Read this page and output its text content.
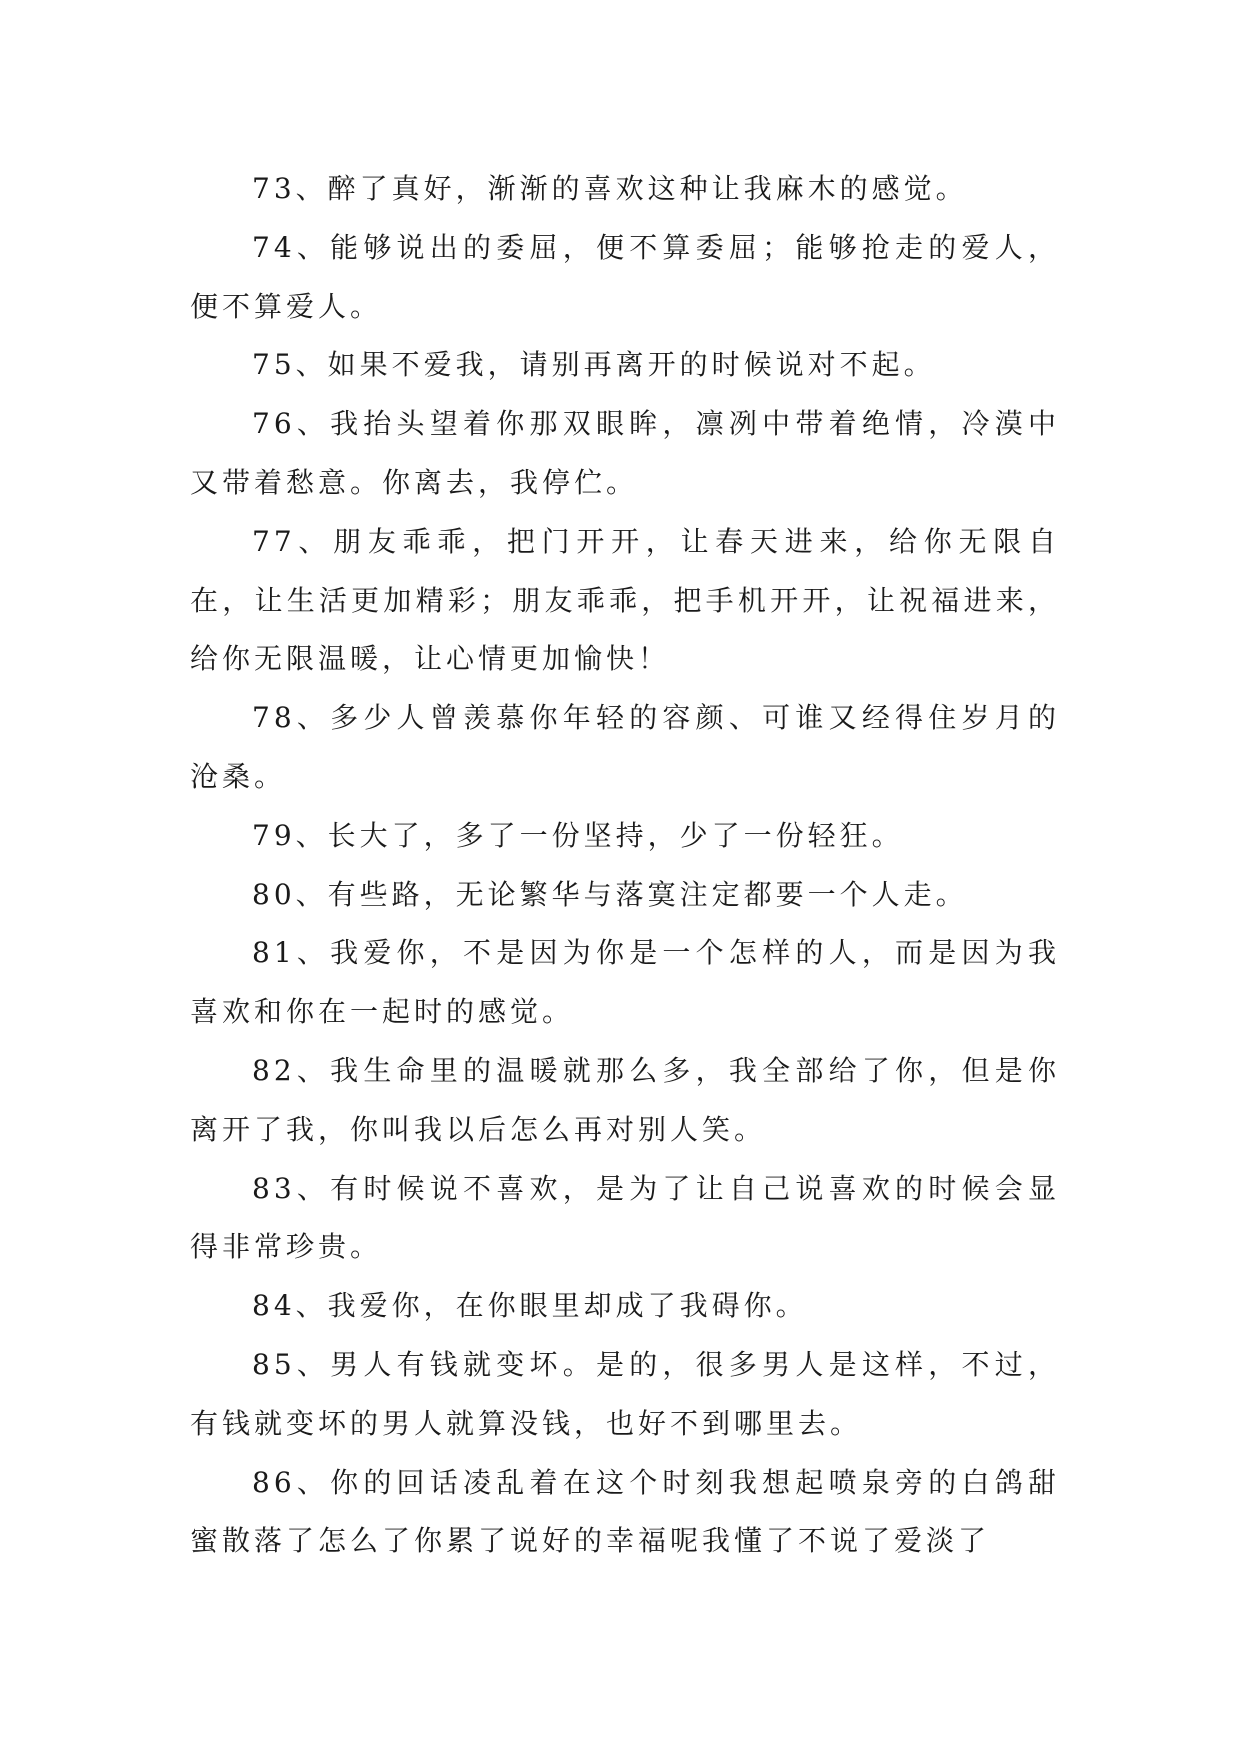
73、醉了真好，渐渐的喜欢这种让我麻木的感觉。

74、能够说出的委屈，便不算委屈；能够抢走的爱人，便不算爱人。

75、如果不爱我，请别再离开的时候说对不起。

76、我抬头望着你那双眼眸，凛冽中带着绝情，冷漠中又带着愁意。你离去，我停伫。

77、朋友乖乖，把门开开，让春天进来，给你无限自在，让生活更加精彩；朋友乖乖，把手机开开，让祝福进来，给你无限温暖，让心情更加愉快！

78、多少人曾羡慕你年轻的容颜、可谁又经得住岁月的沧桑。

79、长大了，多了一份坚持，少了一份轻狂。

80、有些路，无论繁华与落寞注定都要一个人走。

81、我爱你，不是因为你是一个怎样的人，而是因为我喜欢和你在一起时的感觉。

82、我生命里的温暖就那么多，我全部给了你，但是你离开了我，你叫我以后怎么再对别人笑。

83、有时候说不喜欢，是为了让自己说喜欢的时候会显得非常珍贵。

84、我爱你，在你眼里却成了我碍你。

85、男人有钱就变坏。是的，很多男人是这样，不过，有钱就变坏的男人就算没钱，也好不到哪里去。

86、你的回话凌乱着在这个时刻我想起喷泉旁的白鸽甜蜜散落了怎么了你累了说好的幸福呢我懂了不说了爱淡了
